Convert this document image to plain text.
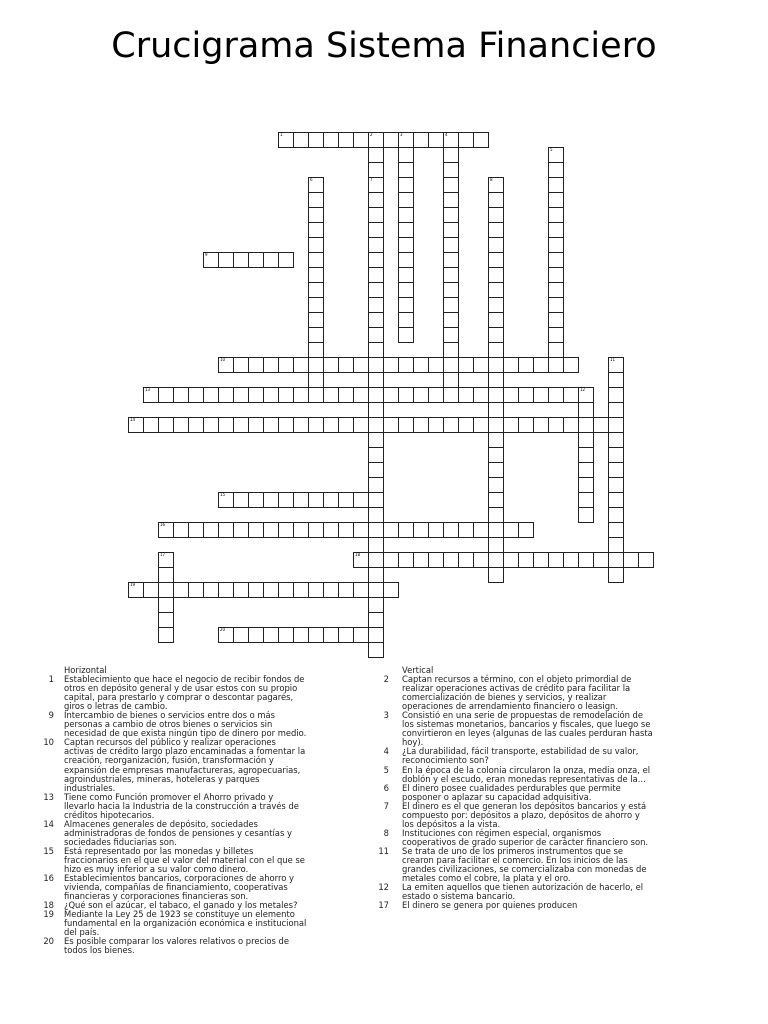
Crucigrama Sistema Financiero
1	2	3	4
7
5
6	8
9
10	11
12
13
14
15
16
17	18
19
20
Horizontal
1 Establecimiento que hace el negocio de recibir fondos de
otros en depósito general y de usar estos con su propio
capital, para prestarlo y comprar o descontar pagarés,
giros o letras de cambio.
9 Intercambio de bienes o servicios entre dos o más
personas a cambio de otros bienes o servicios sin
necesidad de que exista ningún tipo de dinero por medio.
10 Captan recursos del público y realizar operaciones
activas de crédito largo plazo encaminadas a fomentar la
creación, reorganización, fusión, transformación y
expansión de empresas manufactureras, agropecuarias,
agroindustriales, mineras, hoteleras y parques
industriales.
13 Tiene como Función promover el Ahorro privado y
llevarlo hacia la Industria de la construcción a través de
créditos hipotecarios.
14 Almacenes generales de depósito, sociedades
administradoras de fondos de pensiones y cesantías y
sociedades fiduciarias son.
15 Está representado por las monedas y billetes
fraccionarios en el que el valor del material con el que se
hizo es muy inferior a su valor como dinero.
16 Establecimientos bancarios, corporaciones de ahorro y
vivienda, compañías de financiamiento, cooperativas
financieras y corporaciones financieras son.
18 ¿Qué son el azúcar, el tabaco, el ganado y los metales?
19 Mediante la Ley 25 de 1923 se constituye un elemento
fundamental en la organización económica e institucional
del país.
20 Es posible comparar los valores relativos o precios de
todos los bienes.
Vertical
2 Captan recursos a término, con el objeto primordial de
realizar operaciones activas de crédito para facilitar la
comercialización de bienes y servicios, y realizar
operaciones de arrendamiento financiero o leasign.
3 Consistió en una serie de propuestas de remodelación de
los sistemas monetarios, bancarios y fiscales, que luego se
convirtieron en leyes (algunas de las cuales perduran hasta
hoy).
4 ¿La durabilidad, fácil transporte, estabilidad de su valor,
reconocimiento son?
5 En la época de la colonia circularon la onza, media onza, el
doblón y el escudo, eran monedas representativas de la...
6 El dinero posee cualidades perdurables que permite
posponer o aplazar su capacidad adquisitiva.
7 El dinero es el que generan los depósitos bancarios y está
compuesto por: depósitos a plazo, depósitos de ahorro y
los depósitos a la vista.
8 Instituciones con régimen especial, organismos
cooperativos de grado superior de carácter financiero son.
11 Se trata de uno de los primeros instrumentos que se
crearon para facilitar el comercio. En los inicios de las
grandes civilizaciones, se comercializaba con monedas de
metales como el cobre, la plata y el oro.
12 La emiten aquellos que tienen autorización de hacerlo, el
estado o sistema bancario.
17 El dinero se genera por quienes producen
